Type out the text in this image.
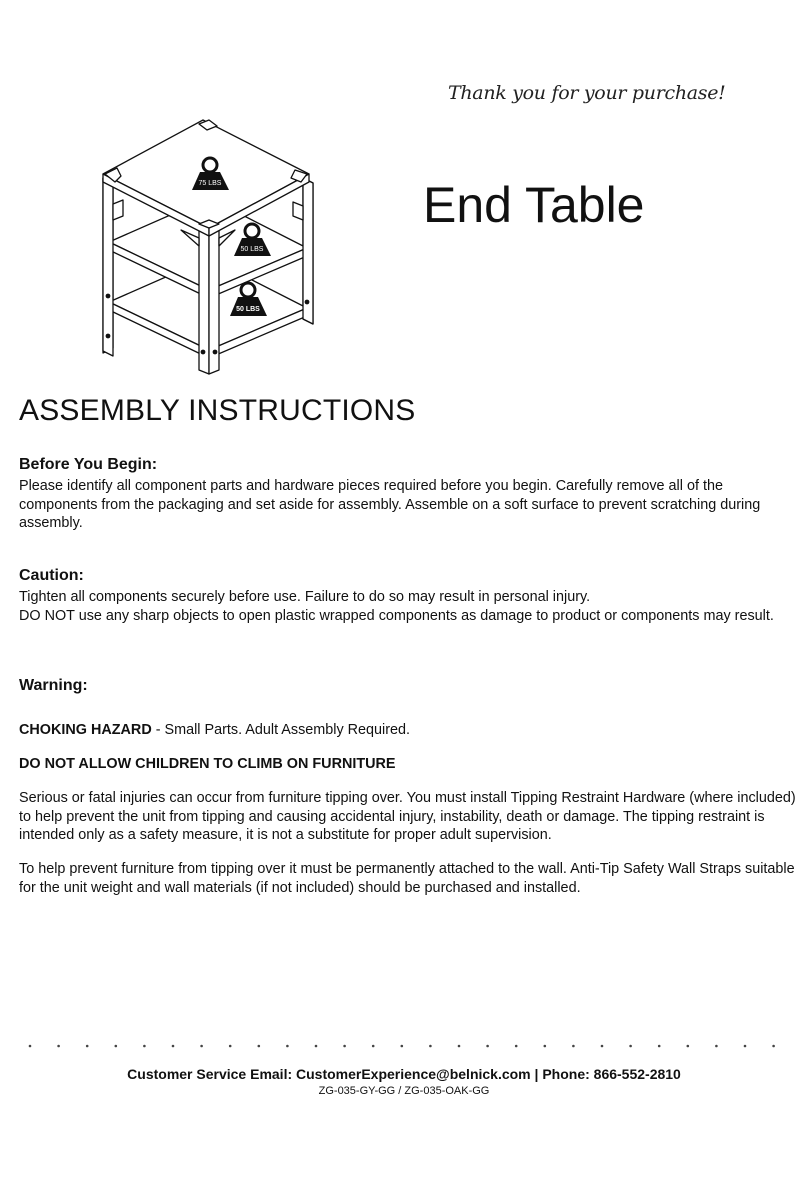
Thank you for your purchase!
End Table
75 LBS
50 LBS
50 LBS
ASSEMBLY INSTRUCTIONS
Before You Begin:
Please identify all component parts and hardware pieces required before you begin. Carefully remove all of the components from the packaging and set aside for assembly. Assemble on a soft surface to prevent scratching during assembly.
Caution:
Tighten all components securely before use. Failure to do so may result in personal injury.
DO NOT use any sharp objects to open plastic wrapped components as damage to product or components may result.
Warning:
CHOKING HAZARD - Small Parts. Adult Assembly Required.
DO NOT ALLOW CHILDREN TO CLIMB ON FURNITURE
Serious or fatal injuries can occur from furniture tipping over. You must install Tipping Restraint Hardware (where included) to help prevent the unit from tipping and causing accidental injury, instability, death or damage. The tipping restraint is intended only as a safety measure, it is not a substitute for proper adult supervision.
To help prevent furniture from tipping over it must be permanently attached to the wall. Anti-Tip Safety Wall Straps suitable for the unit weight and wall materials (if not included) should be purchased and installed.
Customer Service Email: CustomerExperience@belnick.com | Phone: 866-552-2810
ZG-035-GY-GG / ZG-035-OAK-GG
